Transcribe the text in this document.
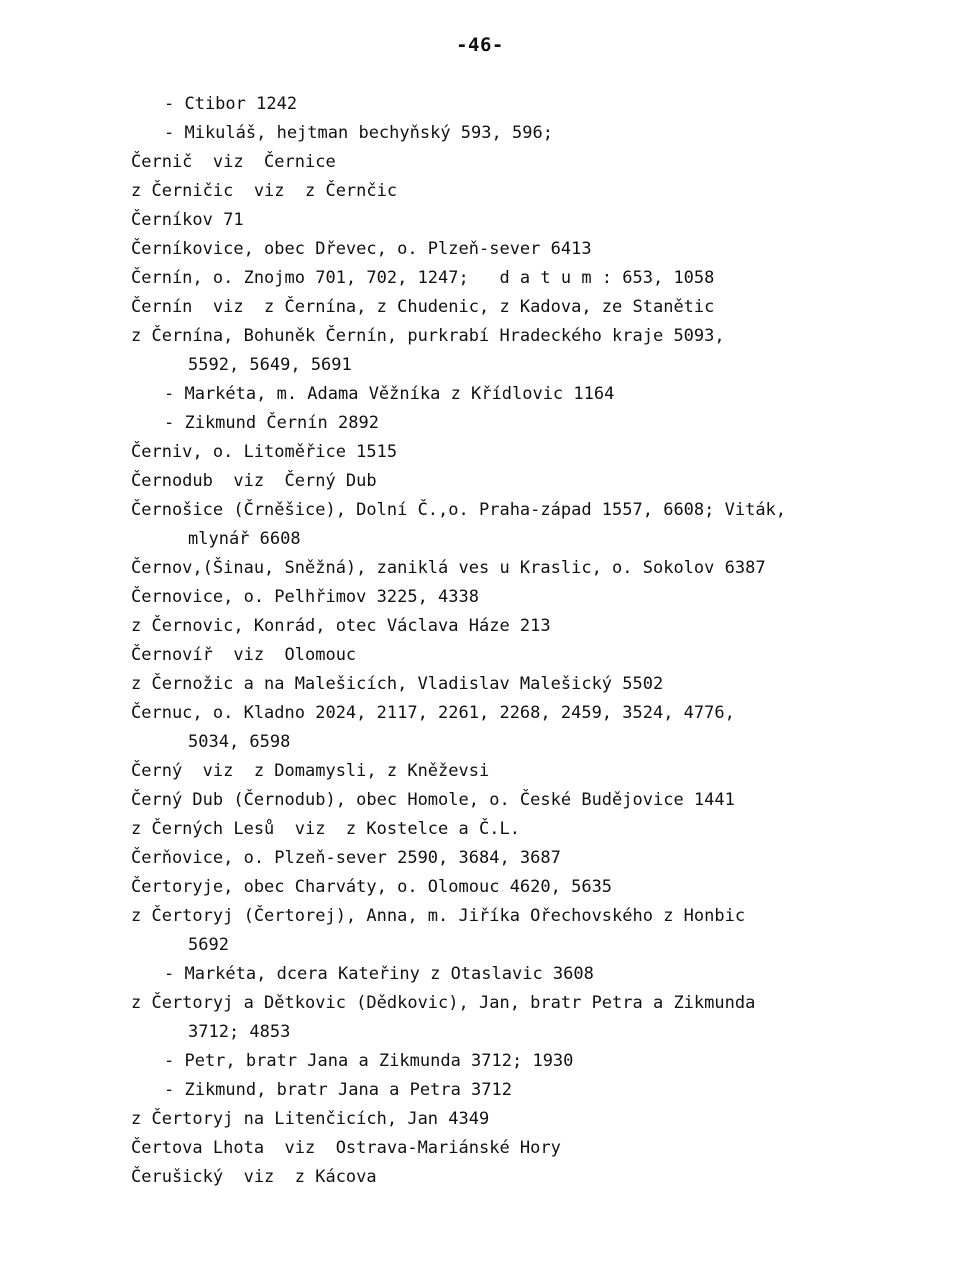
-46-
- Ctibor 1242
- Mikuláš, hejtman bechyňský 593, 596;
Černič  viz  Černice
z Černičic  viz  z Černčic
Černíkov 71
Černíkovice, obec Dřevec, o. Plzeň-sever 6413
Černín, o. Znojmo 701, 702, 1247;   d a t u m : 653, 1058
Černín  viz  z Černína, z Chudenic, z Kadova, ze Stanětic
z Černína, Bohuněk Černín, purkrabí Hradeckého kraje 5093,
5592, 5649, 5691
- Markéta, m. Adama Věžníka z Křídlovic 1164
- Zikmund Černín 2892
Černiv, o. Litoměřice 1515
Černodub  viz  Černý Dub
Černošice (Črněšice), Dolní Č.,o. Praha-západ 1557, 6608; Viták,
mlynář 6608
Černov,(Šinau, Sněžná), zaniklá ves u Kraslic, o. Sokolov 6387
Černovice, o. Pelhřimov 3225, 4338
z Černovic, Konrád, otec Václava Háze 213
Černovíř  viz  Olomouc
z Černožic a na Malešicích, Vladislav Malešický 5502
Černuc, o. Kladno 2024, 2117, 2261, 2268, 2459, 3524, 4776,
5034, 6598
Černý  viz  z Domamysli, z Kněževsi
Černý Dub (Černodub), obec Homole, o. České Budějovice 1441
z Černých Lesů  viz  z Kostelce a Č.L.
Čerňovice, o. Plzeň-sever 2590, 3684, 3687
Čertoryje, obec Charváty, o. Olomouc 4620, 5635
z Čertoryj (Čertorej), Anna, m. Jiříka Ořechovského z Honbic
5692
- Markéta, dcera Kateřiny z Otaslavic 3608
z Čertoryj a Dětkovic (Dědkovic), Jan, bratr Petra a Zikmunda
3712; 4853
- Petr, bratr Jana a Zikmunda 3712; 1930
- Zikmund, bratr Jana a Petra 3712
z Čertoryj na Litenčicích, Jan 4349
Čertova Lhota  viz  Ostrava-Mariánské Hory
Čerušický  viz  z Kácova
